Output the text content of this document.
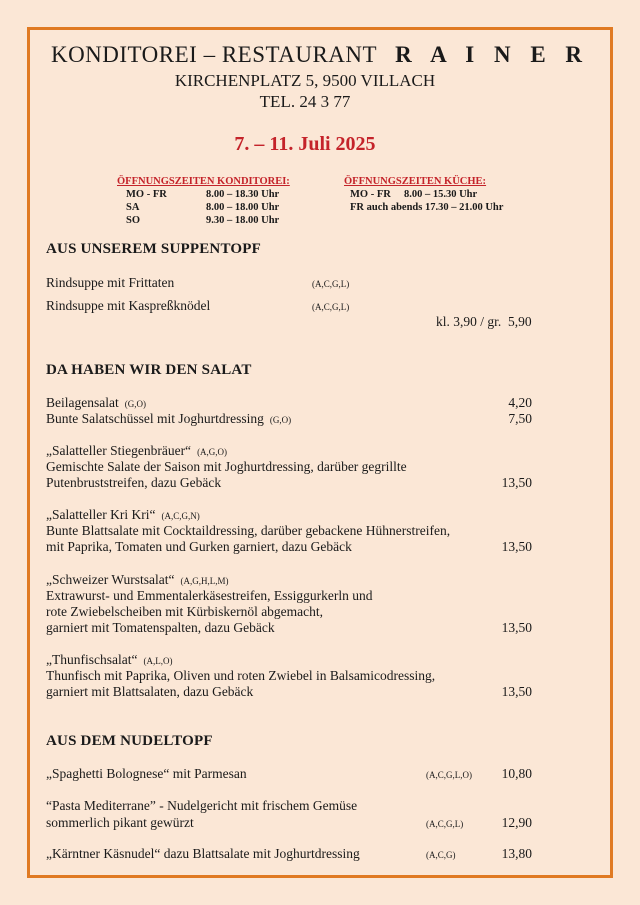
KONDITOREI – RESTAURANT R A I N E R
KIRCHENPLATZ 5, 9500 VILLACH
TEL. 24 3 77
7. – 11. Juli 2025
ÖFFNUNGSZEITEN KONDITOREI:
MO - FR	8.00 – 18.30 Uhr
SA	8.00 – 18.00 Uhr
SO	9.30 – 18.00 Uhr
ÖFFNUNGSZEITEN KÜCHE:
MO - FR     8.00 – 15.30 Uhr
FR auch abends 17.30 – 21.00 Uhr
AUS UNSEREM SUPPENTOPF
Rindsuppe mit Frittaten	(A,C,G,L)
Rindsuppe mit Kaspreßknödel	(A,C,G,L)
kl. 3,90 / gr.  5,90
DA HABEN WIR DEN SALAT
Beilagensalat (G,O)	4,20
Bunte Salatschüssel mit Joghurtdressing (G,O)	7,50
„Salatteller Stiegenbräuer“ (A,G,O)
Gemischte Salate der Saison mit Joghurtdressing, darüber gegrillte
Putenbruststreifen, dazu Gebäck	13,50
„Salatteller Kri Kri“ (A,C,G,N)
Bunte Blattsalate mit Cocktaildressing, darüber gebackene Hühnerstreifen,
mit Paprika, Tomaten und Gurken garniert, dazu Gebäck	13,50
„Schweizer Wurstsalat“ (A,G,H,L,M)
Extrawurst- und Emmentalerkäsestreifen, Essiggurkerln und
rote Zwiebelscheiben mit Kürbiskernöl abgemacht,
garniert mit Tomatenspalten, dazu Gebäck	13,50
„Thunfischsalat“ (A,L,O)
Thunfisch mit Paprika, Oliven und roten Zwiebel in Balsamicodressing,
garniert mit Blattsalaten, dazu Gebäck	13,50
AUS DEM NUDELTOPF
„Spaghetti Bolognese“ mit Parmesan	(A,C,G,L,O) 10,80
“Pasta Mediterrane” - Nudelgericht mit frischem Gemüse
sommerlich pikant gewürzt	(A,C,G,L)	12,90
„Kärntner Käsnudel“ dazu Blattsalate mit Joghurtdressing	(A,C,G)	13,80
